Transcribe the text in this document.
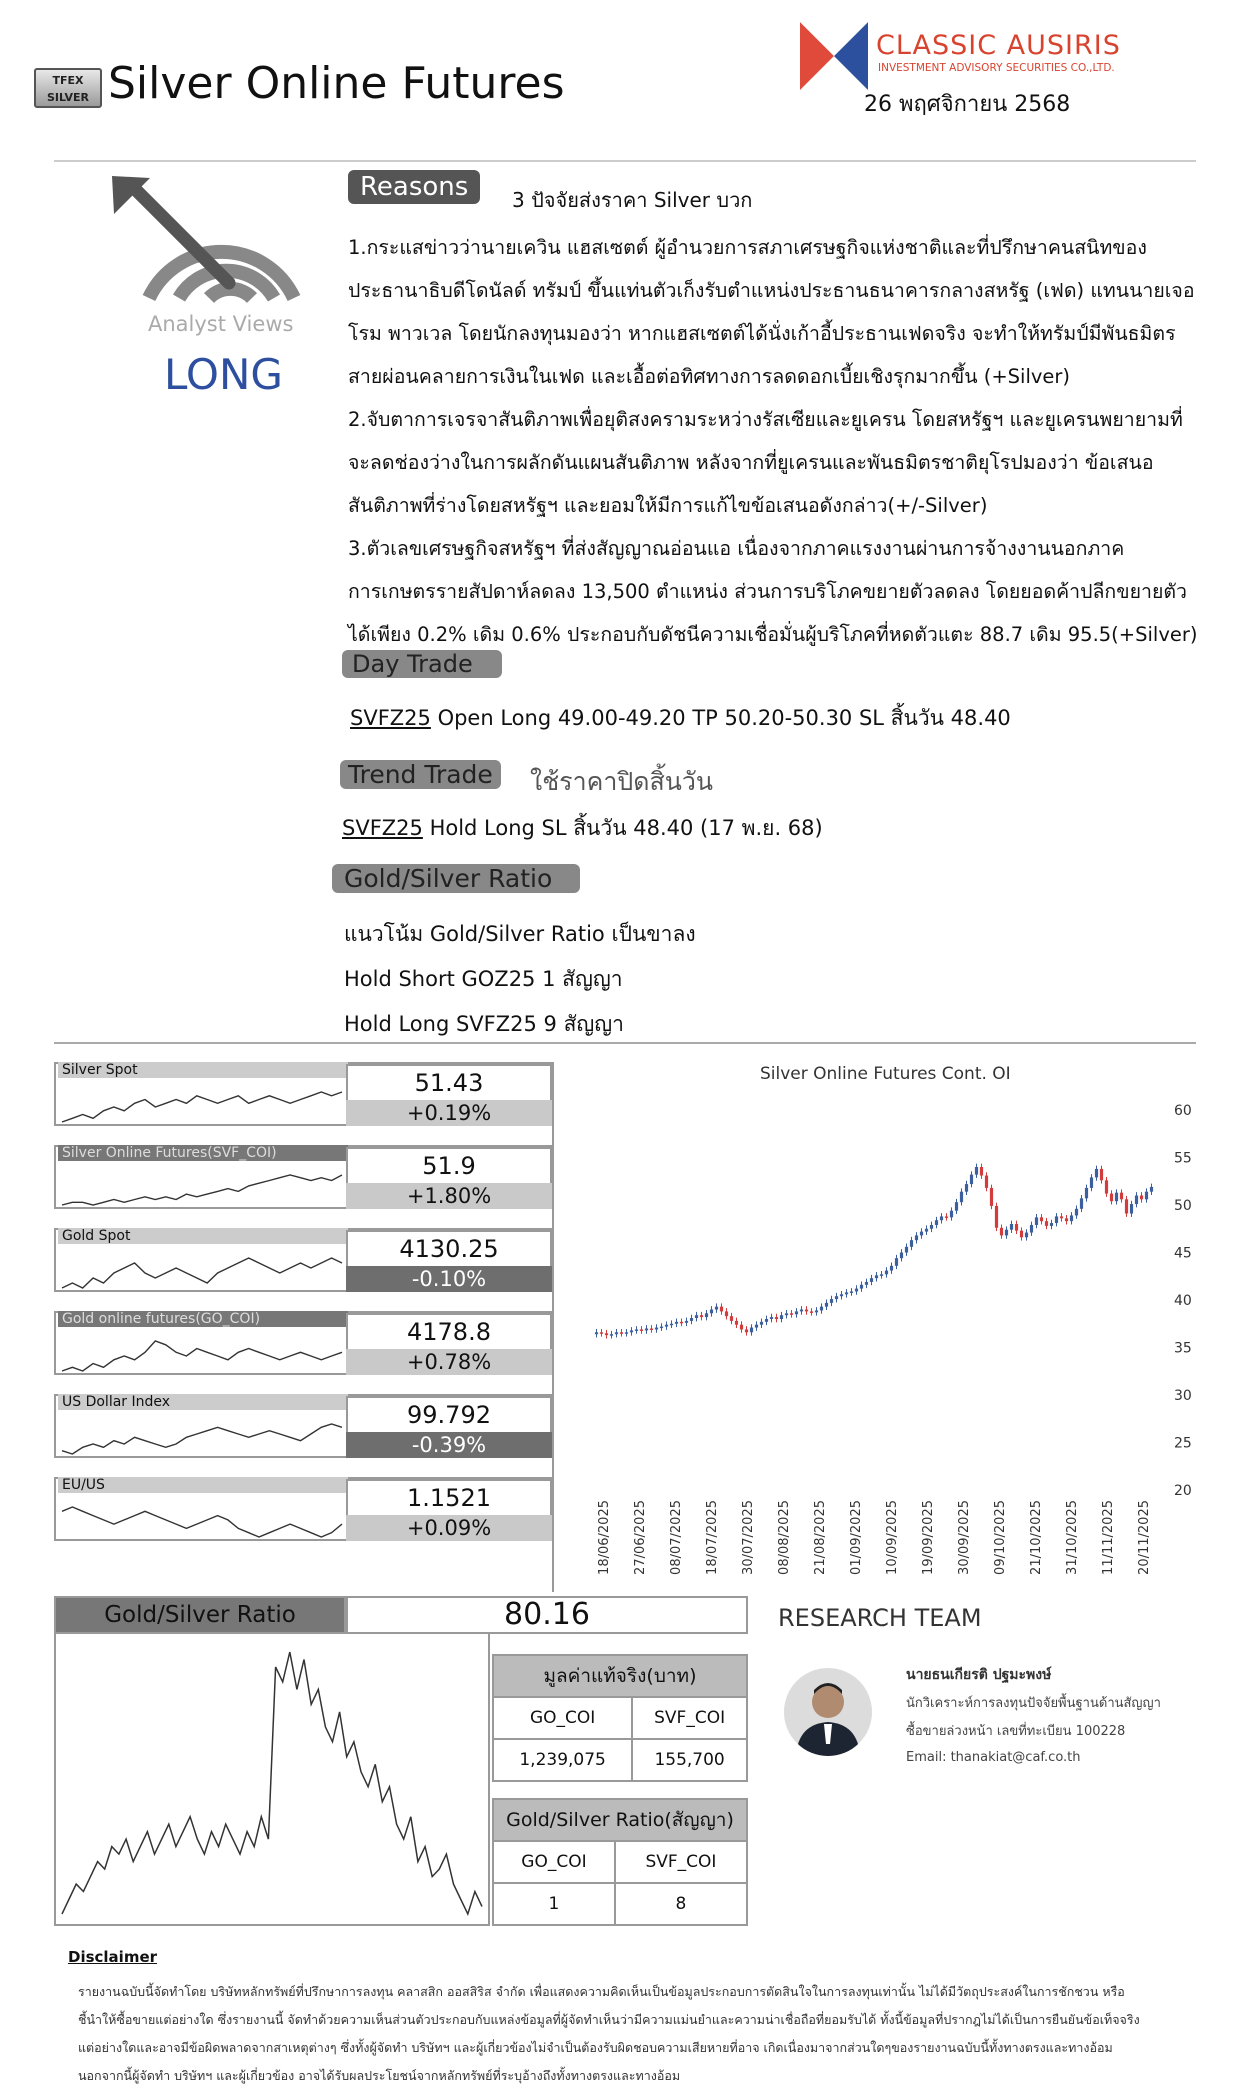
TFEX SILVER Silver Online Futures
CLASSIC AUSIRIS
INVESTMENT ADVISORY SECURITIES CO.,LTD.
26 พฤศจิกายน 2568
Analyst Views
LONG
Reasons	3 ปัจจัยส่งราคา Silver บวก
1.กระแสข่าวว่านายเควิน แฮสเซตต์ ผู้อำนวยการสภาเศรษฐกิจแห่งชาติและที่ปรึกษาคนสนิทของ
ประธานาธิบดีโดนัลด์ ทรัมป์ ขึ้นแท่นตัวเก็งรับตำแหน่งประธานธนาคารกลางสหรัฐ (เฟด) แทนนายเจอ
โรม พาวเวล โดยนักลงทุนมองว่า หากแฮสเซตต์ได้นั่งเก้าอี้ประธานเฟดจริง จะทำให้ทรัมป์มีพันธมิตร
สายผ่อนคลายการเงินในเฟด และเอื้อต่อทิศทางการลดดอกเบี้ยเชิงรุกมากขึ้น (+Silver)
2.จับตาการเจรจาสันติภาพเพื่อยุติสงครามระหว่างรัสเซียและยูเครน โดยสหรัฐฯ และยูเครนพยายามที่
จะลดช่องว่างในการผลักดันแผนสันติภาพ หลังจากที่ยูเครนและพันธมิตรชาติยุโรปมองว่า ข้อเสนอ
สันติภาพที่ร่างโดยสหรัฐฯ และยอมให้มีการแก้ไขข้อเสนอดังกล่าว(+/-Silver)
3.ตัวเลขเศรษฐกิจสหรัฐฯ ที่ส่งสัญญาณอ่อนแอ เนื่องจากภาคแรงงานผ่านการจ้างงานนอกภาค
การเกษตรรายสัปดาห์ลดลง 13,500 ตำแหน่ง ส่วนการบริโภคขยายตัวลดลง โดยยอดค้าปลีกขยายตัว
ได้เพียง 0.2% เดิม 0.6% ประกอบกับดัชนีความเชื่อมั่นผู้บริโภคที่หดตัวแตะ 88.7 เดิม 95.5(+Silver)
Day Trade
SVFZ25 Open Long 49.00-49.20 TP 50.20-50.30 SL สิ้นวัน 48.40
Trend Trade	ใช้ราคาปิดสิ้นวัน
SVFZ25 Hold Long SL สิ้นวัน 48.40 (17 พ.ย. 68)
Gold/Silver Ratio
แนวโน้ม Gold/Silver Ratio เป็นขาลง
Hold Short GOZ25 1 สัญญา
Hold Long SVFZ25 9 สัญญา
Silver Spot	51.43
+0.19%
Silver Online Futures(SVF_COI)	51.9
+1.80%
Gold Spot	4130.25
-0.10%
Gold online futures(GO_COI)	4178.8
+0.78%
US Dollar Index	99.792
-0.39%
EU/US	1.1521
+0.09%
Silver Online Futures Cont. OI
20
25
30
35
40
45
50
55
60
18/06/2025 27/06/2025 08/07/2025 18/07/2025 30/07/2025 08/08/2025 21/08/2025 01/09/2025 10/09/2025 19/09/2025 30/09/2025 09/10/2025 21/10/2025 31/10/2025 11/11/2025 20/11/2025
Gold/Silver Ratio	80.16
มูลค่าแท้จริง(บาท)	
GO_COI	SVF_COI
1,239,075	155,700
Gold/Silver Ratio(สัญญา)	
GO_COI	SVF_COI
1	8
RESEARCH TEAM
นายธนเกียรติ ปฐมะพงษ์
นักวิเคราะห์การลงทุนปัจจัยพื้นฐานด้านสัญญา
ซื้อขายล่วงหน้า เลขที่ทะเบียน 100228
Email: thanakiat@caf.co.th
Disclaimer
รายงานฉบับนี้จัดทำโดย บริษัทหลักทรัพย์ที่ปรึกษาการลงทุน คลาสสิก ออสสิริส จำกัด เพื่อแสดงความคิดเห็นเป็นข้อมูลประกอบการตัดสินใจในการลงทุนเท่านั้น ไม่ได้มีวัตถุประสงค์ในการชักชวน หรือ
ชี้นำให้ซื้อขายแต่อย่างใด ซึ่งรายงานนี้ จัดทำด้วยความเห็นส่วนตัวประกอบกับแหล่งข้อมูลที่ผู้จัดทำเห็นว่ามีความแม่นยำและความน่าเชื่อถือที่ยอมรับได้ ทั้งนี้ข้อมูลที่ปรากฎไม่ได้เป็นการยืนยันข้อเท็จจริง
แต่อย่างใดและอาจมีข้อผิดพลาดจากสาเหตุต่างๆ ซึ่งทั้งผู้จัดทำ บริษัทฯ และผู้เกี่ยวข้องไม่จำเป็นต้องรับผิดชอบความเสียหายที่อาจ เกิดเนื่องมาจากส่วนใดๆของรายงานฉบับนี้ทั้งทางตรงและทางอ้อม
นอกจากนี้ผู้จัดทำ บริษัทฯ และผู้เกี่ยวข้อง อาจได้รับผลประโยชน์จากหลักทรัพย์ที่ระบุอ้างถึงทั้งทางตรงและทางอ้อม
